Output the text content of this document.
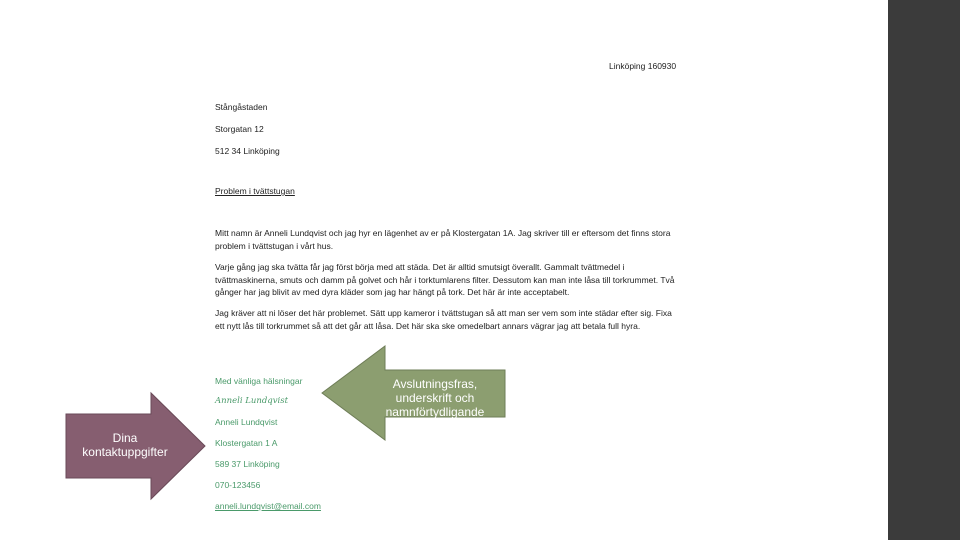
Linköping 160930
Stångåstaden
Storgatan 12
512 34 Linköping
Problem i tvättstugan
Mitt namn är Anneli Lundqvist och jag hyr en lägenhet av er på Klostergatan 1A. Jag skriver till er eftersom det finns stora problem i tvättstugan i vårt hus.
Varje gång jag ska tvätta får jag först börja med att städa. Det är alltid smutsigt överallt. Gammalt tvättmedel i tvättmaskinerna, smuts och damm på golvet och hår i torktumlarens filter. Dessutom kan man inte låsa till torkrummet. Två gånger har jag blivit av med dyra kläder som jag har hängt på tork. Det här är inte acceptabelt.
Jag kräver att ni löser det här problemet. Sätt upp kameror i tvättstugan så att man ser vem som inte städar efter sig. Fixa ett nytt lås till torkrummet så att det går att låsa. Det här ska ske omedelbart annars vägrar jag att betala full hyra.
Med vänliga hälsningar
Anneli Lundqvist
Anneli Lundqvist
Klostergatan 1 A
589 37 Linköping
070-123456
anneli.lundqvist@email.com
Avslutningsfras, underskrift och namnförtydligande
Dina kontaktuppgifter
